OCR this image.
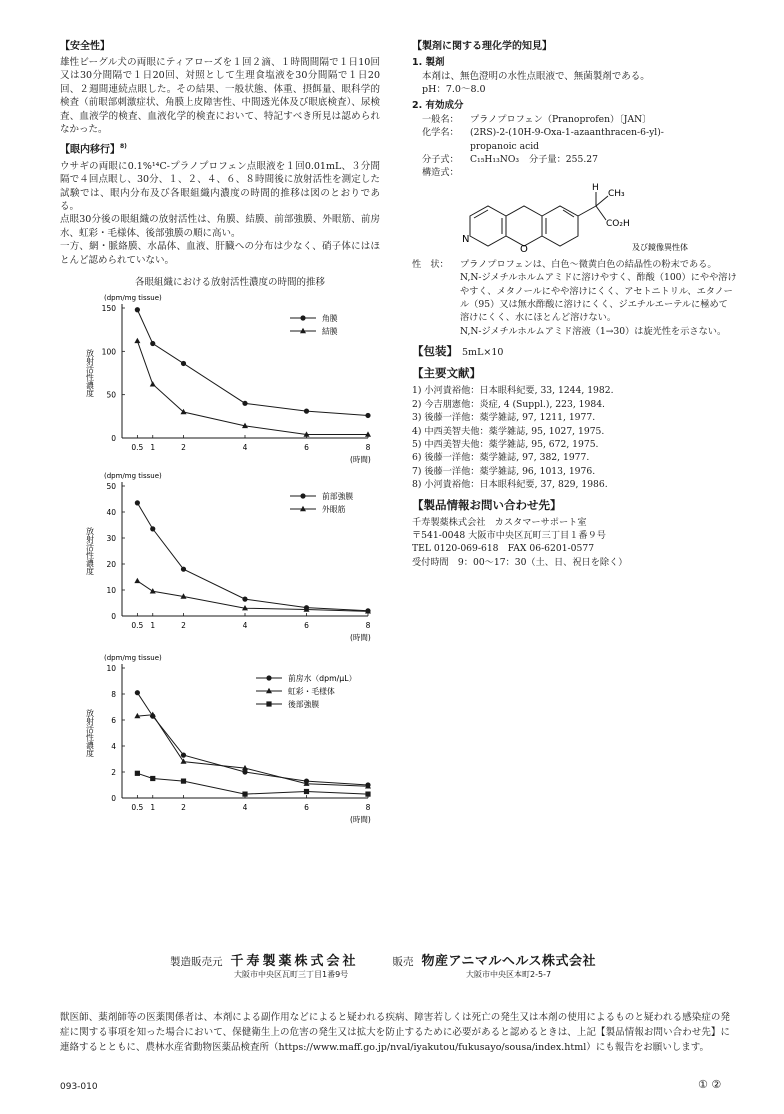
【安全性】

雄性ビーグル犬の両眼にティアローズを１回２滴、１時間間隔で１日10回又は30分間隔で１日20回、対照として生理食塩液を30分間隔で１日20回、２週間連続点眼した。その結果、一般状態、体重、摂餌量、眼科学的検査（前眼部刺激症状、角膜上皮障害性、中間透光体及び眼底検査）、尿検査、血液学的検査、血液化学的検査において、特記すべき所見は認められなかった。

【眼内移行】$^{8)}$

ウサギの両眼に0.1%¹⁴C-プラノプロフェン点眼液を１回0.01mL、３分間隔で４回点眼し、30分、１、２、４、６、８時間後に放射活性を測定した試験では、眼内分布及び各眼組織内濃度の時間的推移は図のとおりである。

点眼30分後の眼組織の放射活性は、角膜、結膜、前部強膜、外眼筋、前房水、虹彩・毛様体、後部強膜の順に高い。

一方、網・脈絡膜、水晶体、血液、肝臓への分布は少なく、硝子体にはほとんど認められていない。

各眼組織における放射活性濃度の時間的推移
(dpm/mg tissue)
0
50
100
150
0.5 1	2	4	6	8
(時間)
放射活性濃度
角膜
結膜
(dpm/mg tissue)
0
10
20
30
40
50
0.5 1	2	4	6	8
(時間)
放射活性濃度
前部強膜
外眼筋
(dpm/mg tissue)
0
2
4
6
8
10
0.5 1	2	4	6	8
(時間)
放射活性濃度
前房水（dpm/μL）
虹彩・毛様体
後部強膜
【製剤に関する理化学的知見】
1. 製剤

本剤は、無色澄明の水性点眼液で、無菌製剤である。

pH：7.0〜8.0

2. 有効成分
一般名：	プラノプロフェン（Pranoprofen）〔JAN〕
化学名：	(2RS)-2-(10H-9-Oxa-1-azaanthracen-6-yl)-
propanoic acid
分子式：	C₁₅H₁₃NO₃ 分子量： 255.27
構造式：
N
O
H
CH₃
CO₂H
及び鏡像異性体
性　状：	プラノプロフェンは、白色〜微黄白色の結晶性の粉末である。N,N-ジメチルホルムアミドに溶けやすく、酢酸（100）にやや溶けやすく、メタノールにやや溶けにくく、アセトニトリル、エタノール（95）又は無水酢酸に溶けにくく、ジエチルエーテルに極めて溶けにくく、水にほとんど溶けない。

N,N-ジメチルホルムアミド溶液（1→30）は旋光性を示さない。

【包装】 5mL×10
【主要文献】
1) 小河貴裕他：日本眼科紀要, 33, 1244, 1982.
2) 今吉朋憲他：炎症, 4 (Suppl.), 223, 1984.
3) 後藤一洋他：薬学雑誌, 97, 1211, 1977.
4) 中西美智夫他：薬学雑誌, 95, 1027, 1975.
5) 中西美智夫他：薬学雑誌, 95, 672, 1975.
6) 後藤一洋他：薬学雑誌, 97, 382, 1977.
7) 後藤一洋他：薬学雑誌, 96, 1013, 1976.
8) 小河貴裕他：日本眼科紀要, 37, 829, 1986.
【製品情報お問い合わせ先】
千寿製薬株式会社　カスタマーサポート室
〒541-0048 大阪市中央区瓦町三丁目１番９号
TEL 0120-069-618　FAX 06-6201-0577
受付時間　9：00〜17：30（土、日、祝日を除く）
製造販売元 千寿製薬株式会社	販売 物産アニマルヘルス株式会社
大阪市中央区瓦町三丁目1番9号	大阪市中央区本町2-5-7

獣医師、薬剤師等の医薬関係者は、本剤による副作用などによると疑われる疾病、障害若しくは死亡の発生又は本剤の使用によるものと疑われる感染症の発症に関する事項を知った場合において、保健衛生上の危害の発生又は拡大を防止するために必要があると認めるときは、上記【製品情報お問い合わせ先】に連絡するとともに、農林水産省動物医薬品検査所（https://www.maff.go.jp/nval/iyakutou/fukusayo/sousa/index.html）にも報告をお願いします。

093-010	① ②
